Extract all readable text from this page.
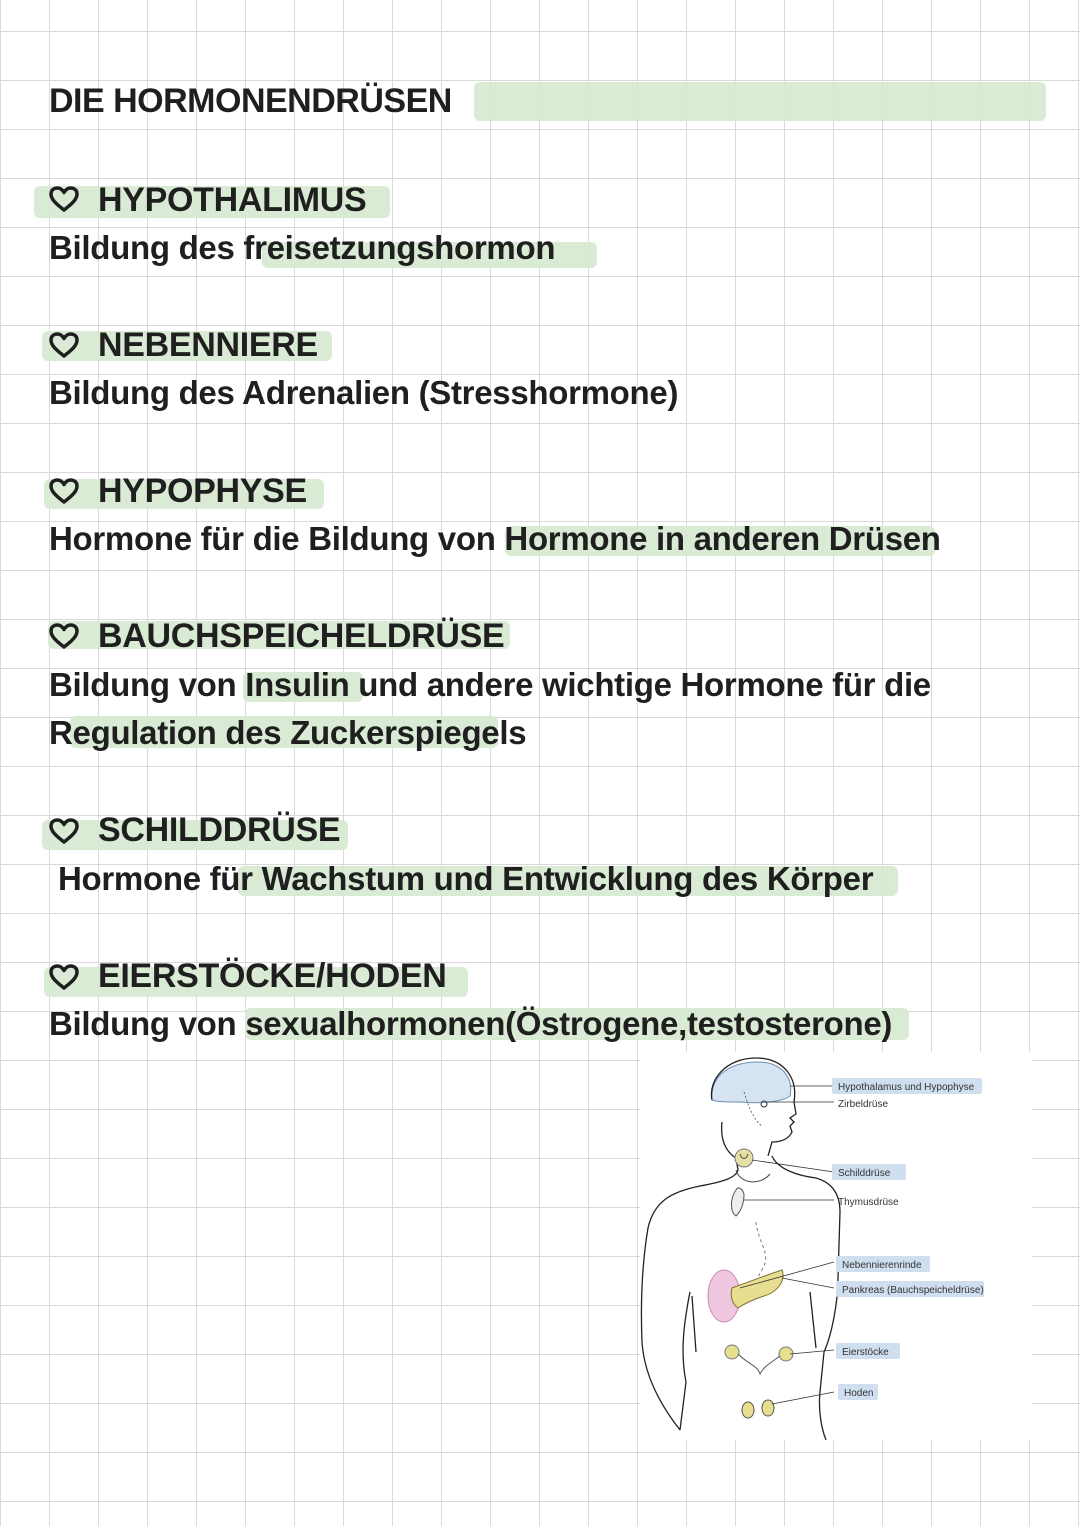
DIE HORMONENDRÜSEN
HYPOTHALIMUS

Bildung des freisetzungshormon

NEBENNIERE

Bildung des Adrenalien (Stresshormone)

HYPOPHYSE

Hormone für die Bildung von Hormone in anderen Drüsen

BAUCHSPEICHELDRÜSE

Bildung von Insulin und andere wichtige Hormone für die

Regulation des Zuckerspiegels

SCHILDDRÜSE

Hormone für Wachstum und Entwicklung des Körper

EIERSTÖCKE/HODEN

Bildung von sexualhormonen(Östrogene,testosterone)

Hypothalamus und Hypophyse
Zirbeldrüse
Schilddrüse
Thymusdrüse
Nebennierenrinde
Pankreas (Bauchspeicheldrüse)
Eierstöcke
Hoden
